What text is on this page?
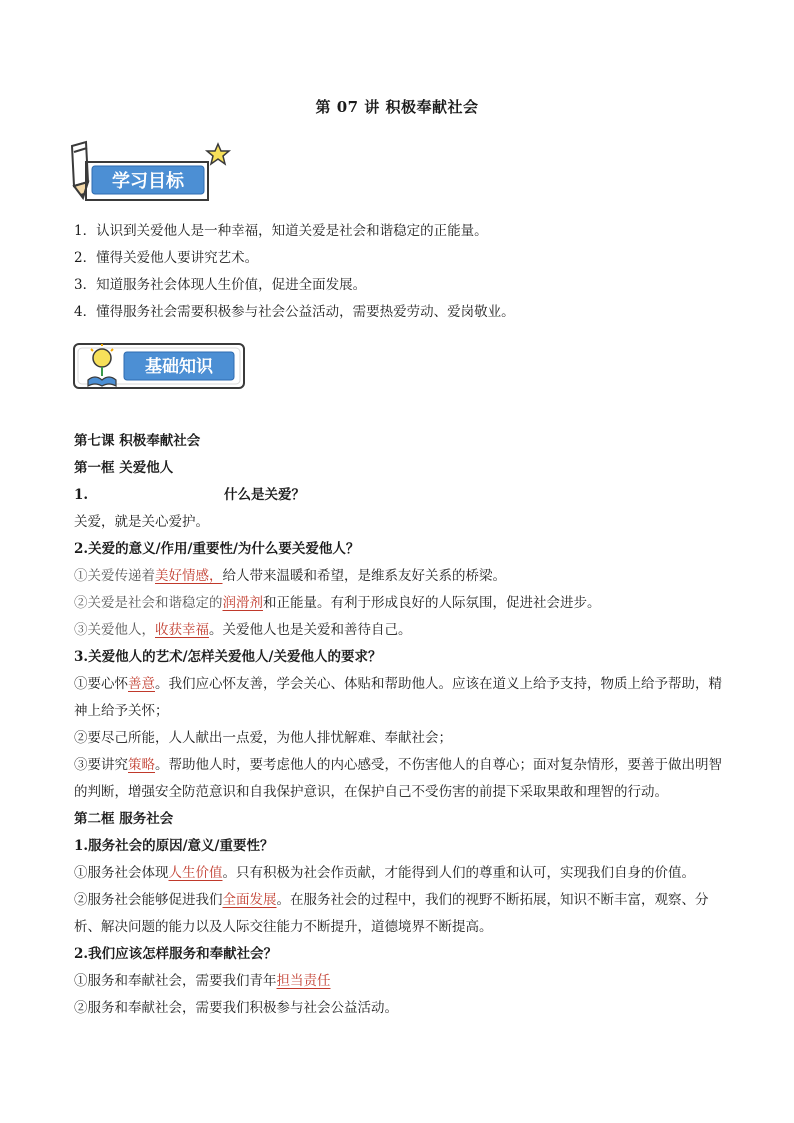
第 07 讲 积极奉献社会
学习目标
1．认识到关爱他人是一种幸福，知道关爱是社会和谐稳定的正能量。
2．懂得关爱他人要讲究艺术。
3．知道服务社会体现人生价值，促进全面发展。
4．懂得服务社会需要积极参与社会公益活动，需要热爱劳动、爱岗敬业。
基础知识
第七课 积极奉献社会
第一框 关爱他人
1.	什么是关爱？
关爱，就是关心爱护。
2.关爱的意义/作用/重要性/为什么要关爱他人？
①关爱传递着美好情感，给人带来温暖和希望，是维系友好关系的桥梁。
②关爱是社会和谐稳定的润滑剂和正能量。有利于形成良好的人际氛围，促进社会进步。
③关爱他人，收获幸福。关爱他人也是关爱和善待自己。
3.关爱他人的艺术/怎样关爱他人/关爱他人的要求？
①要心怀善意。我们应心怀友善，学会关心、体贴和帮助他人。应该在道义上给予支持，物质上给予帮助，精神上给予关怀；
②要尽己所能，人人献出一点爱，为他人排忧解难、奉献社会；
③要讲究策略。帮助他人时，要考虑他人的内心感受，不伤害他人的自尊心；面对复杂情形，要善于做出明智的判断，增强安全防范意识和自我保护意识，在保护自己不受伤害的前提下采取果敢和理智的行动。
第二框 服务社会
1.服务社会的原因/意义/重要性？
①服务社会体现人生价值。只有积极为社会作贡献，才能得到人们的尊重和认可，实现我们自身的价值。
②服务社会能够促进我们全面发展。在服务社会的过程中，我们的视野不断拓展，知识不断丰富，观察、分析、解决问题的能力以及人际交往能力不断提升，道德境界不断提高。
2.我们应该怎样服务和奉献社会？
①服务和奉献社会，需要我们青年担当责任
②服务和奉献社会，需要我们积极参与社会公益活动。
